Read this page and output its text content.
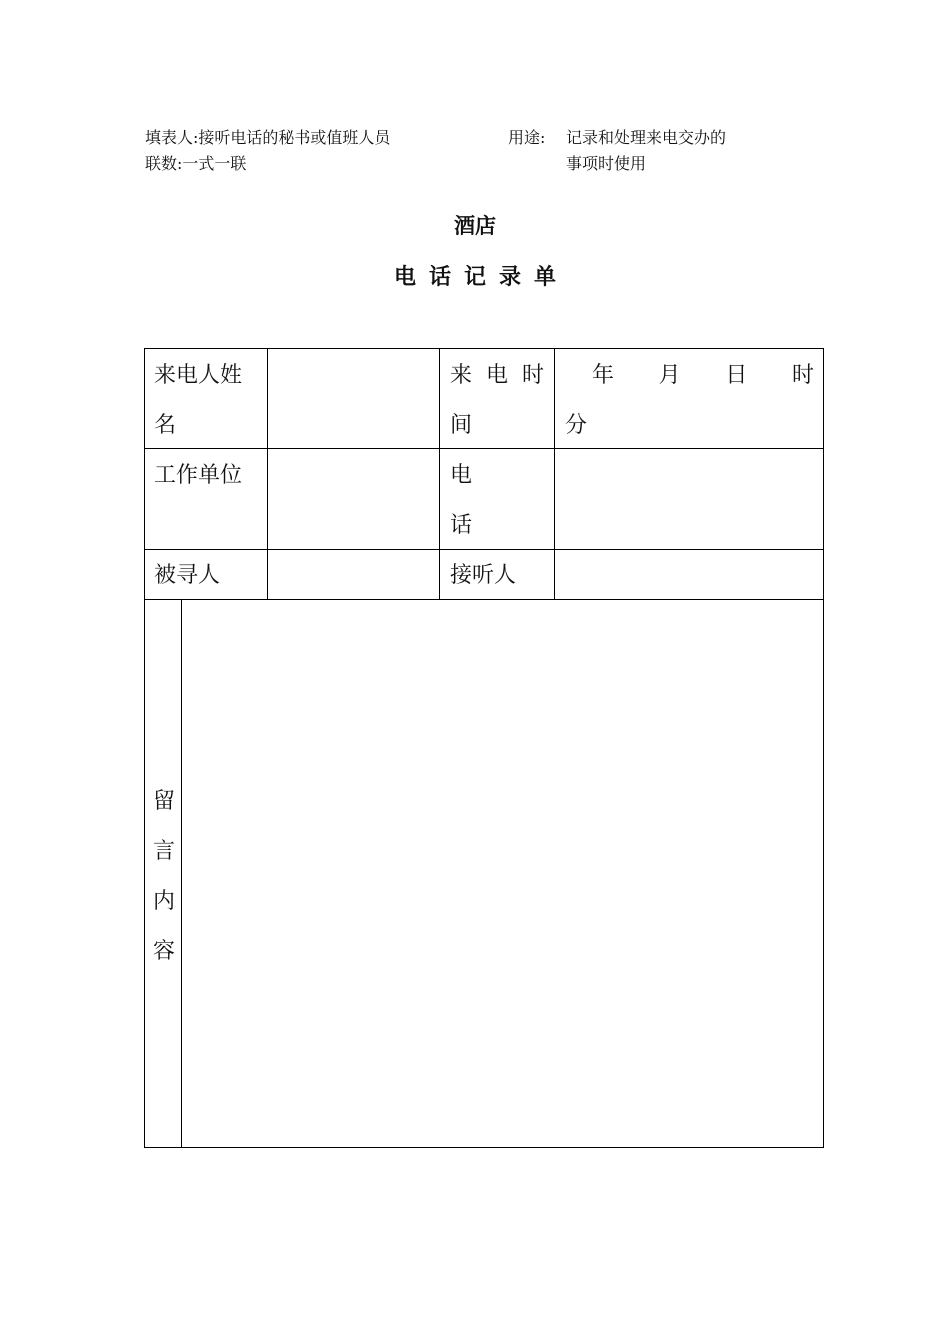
填表人:接听电话的秘书或值班人员
联数:一式一联
用途: 记录和处理来电交办的
事项时使用
酒店
电话记录单
来电人姓
名
来 电 时
间
年 月 日 时
分
工作单位	电
话
被寻人	接听人
留
言
内
容
